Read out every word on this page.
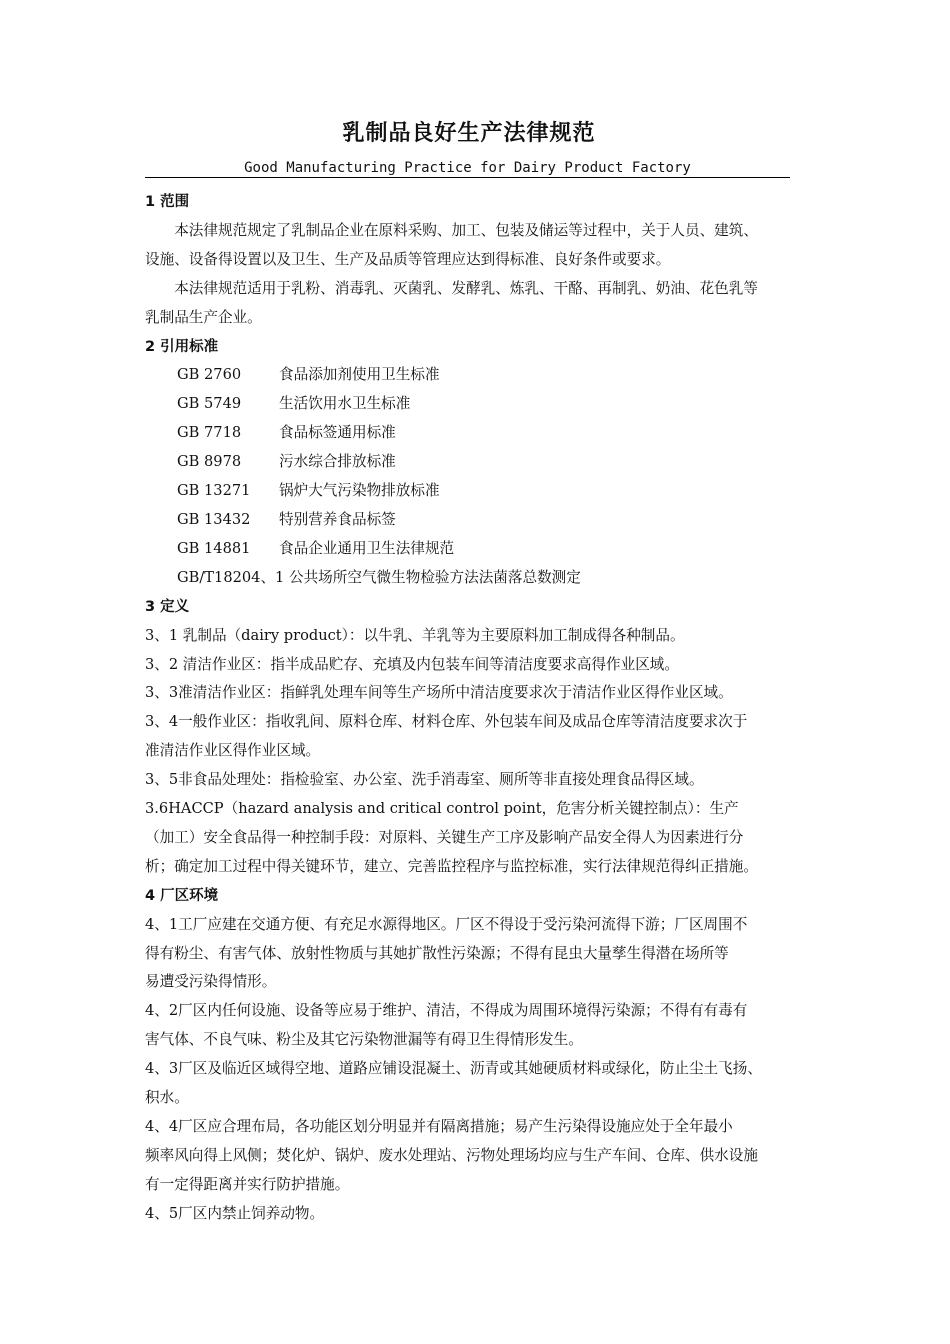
乳制品良好生产法律规范
Good Manufacturing Practice for Dairy Product Factory
1 范围
本法律规范规定了乳制品企业在原料采购、加工、包装及储运等过程中，关于人员、建筑、
设施、设备得设置以及卫生、生产及品质等管理应达到得标准、良好条件或要求。
本法律规范适用于乳粉、消毒乳、灭菌乳、发酵乳、炼乳、干酪、再制乳、奶油、花色乳等
乳制品生产企业。
2 引用标准
GB 2760	食品添加剂使用卫生标准
GB 5749	生活饮用水卫生标准
GB 7718	食品标签通用标准
GB 8978	污水综合排放标准
GB 13271	锅炉大气污染物排放标准
GB 13432	特别营养食品标签
GB 14881	食品企业通用卫生法律规范
GB/T18204、1 公共场所空气微生物检验方法法菌落总数测定
3 定义
3、1 乳制品（dairy product）：以牛乳、羊乳等为主要原料加工制成得各种制品。
3、2 清洁作业区：指半成品贮存、充填及内包装车间等清洁度要求高得作业区域。
3、3准清洁作业区：指鲜乳处理车间等生产场所中清洁度要求次于清洁作业区得作业区域。
3、4一般作业区：指收乳间、原料仓库、材料仓库、外包装车间及成品仓库等清洁度要求次于
准清洁作业区得作业区域。
3、5非食品处理处：指检验室、办公室、洗手消毒室、厕所等非直接处理食品得区域。
3.6HACCP（hazard analysis and critical control point，危害分析关键控制点）：生产
（加工）安全食品得一种控制手段：对原料、关键生产工序及影响产品安全得人为因素进行分
析；确定加工过程中得关键环节，建立、完善监控程序与监控标准，实行法律规范得纠正措施。
4 厂区环境
4、1工厂应建在交通方便、有充足水源得地区。厂区不得设于受污染河流得下游；厂区周围不
得有粉尘、有害气体、放射性物质与其她扩散性污染源；不得有昆虫大量孳生得潜在场所等
易遭受污染得情形。
4、2厂区内任何设施、设备等应易于维护、清洁，不得成为周围环境得污染源；不得有有毒有
害气体、不良气味、粉尘及其它污染物泄漏等有碍卫生得情形发生。
4、3厂区及临近区域得空地、道路应铺设混凝土、沥青或其她硬质材料或绿化，防止尘土飞扬、
积水。
4、4厂区应合理布局，各功能区划分明显并有隔离措施；易产生污染得设施应处于全年最小
频率风向得上风侧；焚化炉、锅炉、废水处理站、污物处理场均应与生产车间、仓库、供水设施
有一定得距离并实行防护措施。
4、5厂区内禁止饲养动物。
